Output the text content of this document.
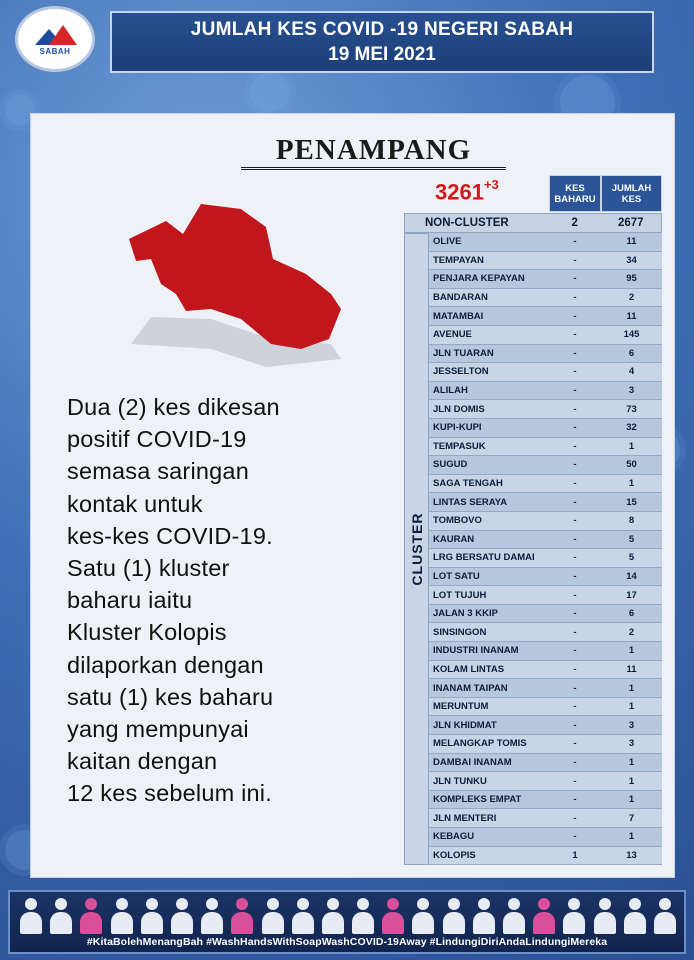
SABAH
JUMLAH KES COVID -19 NEGERI SABAH
19 MEI 2021
PENAMPANG
Dua (2) kes dikesan
positif COVID-19
semasa saringan
kontak untuk
kes-kes COVID-19.
Satu (1) kluster
baharu iaitu
Kluster Kolopis
dilaporkan dengan
satu (1) kes baharu
yang mempunyai
kaitan dengan
12 kes sebelum ini.
$3261^{+3}$	KES BAHARU
JUMLAH KES
NON-CLUSTER	2	2677
CLUSTER
OLIVE	-	11
TEMPAYAN	-	34
PENJARA KEPAYAN	-	95
BANDARAN	-	2
MATAMBAI	-	11
AVENUE	-	145
JLN TUARAN	-	6
JESSELTON	-	4
ALILAH	-	3
JLN DOMIS	-	73
KUPI-KUPI	-	32
TEMPASUK	-	1
SUGUD	-	50
SAGA TENGAH	-	1
LINTAS SERAYA	-	15
TOMBOVO	-	8
KAURAN	-	5
LRG BERSATU DAMAI	-	5
LOT SATU	-	14
LOT TUJUH	-	17
JALAN 3 KKIP	-	6
SINSINGON	-	2
INDUSTRI INANAM	-	1
KOLAM LINTAS	-	11
INANAM TAIPAN	-	1
MERUNTUM	-	1
JLN KHIDMAT	-	3
MELANGKAP TOMIS	-	3
DAMBAI INANAM	-	1
JLN TUNKU	-	1
KOMPLEKS EMPAT	-	1
JLN MENTERI	-	7
KEBAGU	-	1
KOLOPIS	1	13
#KitaBolehMenangBah #WashHandsWithSoapWashCOVID-19Away #LindungiDiriAndaLindungiMereka
